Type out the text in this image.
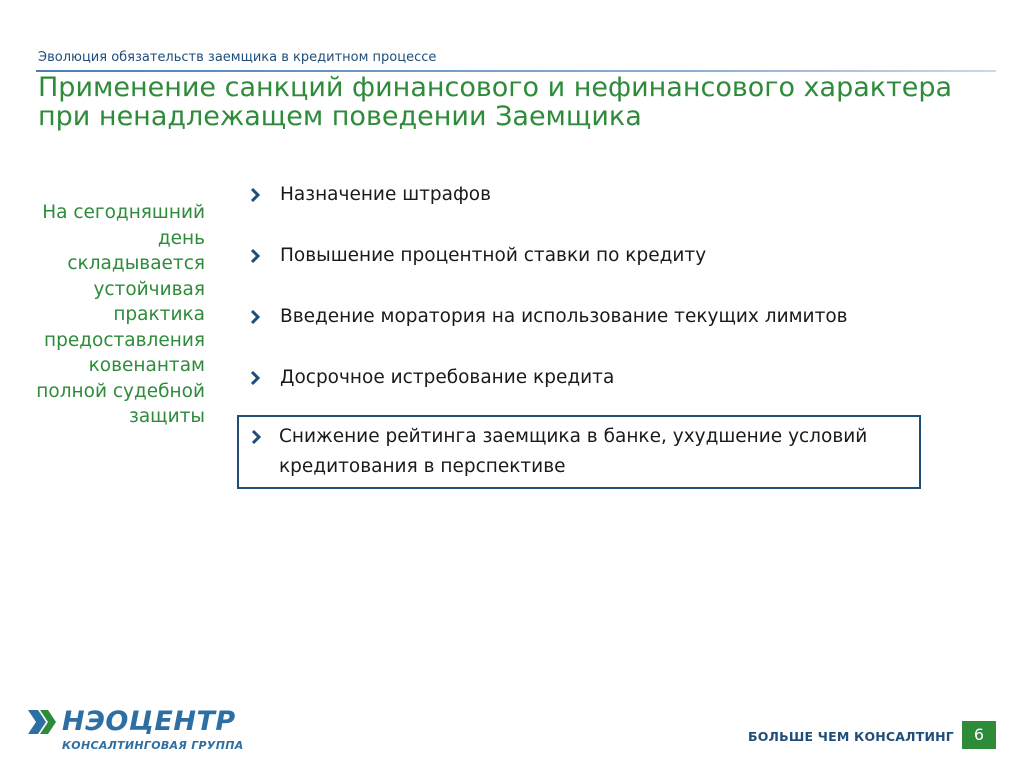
Эволюция обязательств заемщика в кредитном процессе
Применение санкций финансового и нефинансового характера при ненадлежащем поведении Заемщика
На сегодняшний день складывается устойчивая практика предоставления ковенантам полной судебной защиты
Назначение штрафов
Повышение процентной ставки по кредиту
Введение моратория на использование текущих лимитов
Досрочное истребование кредита
Снижение рейтинга заемщика в банке, ухудшение условий кредитования в перспективе
НЭОЦЕНТР
КОНСАЛТИНГОВАЯ ГРУППА
БОЛЬШЕ ЧЕМ КОНСАЛТИНГ	6
